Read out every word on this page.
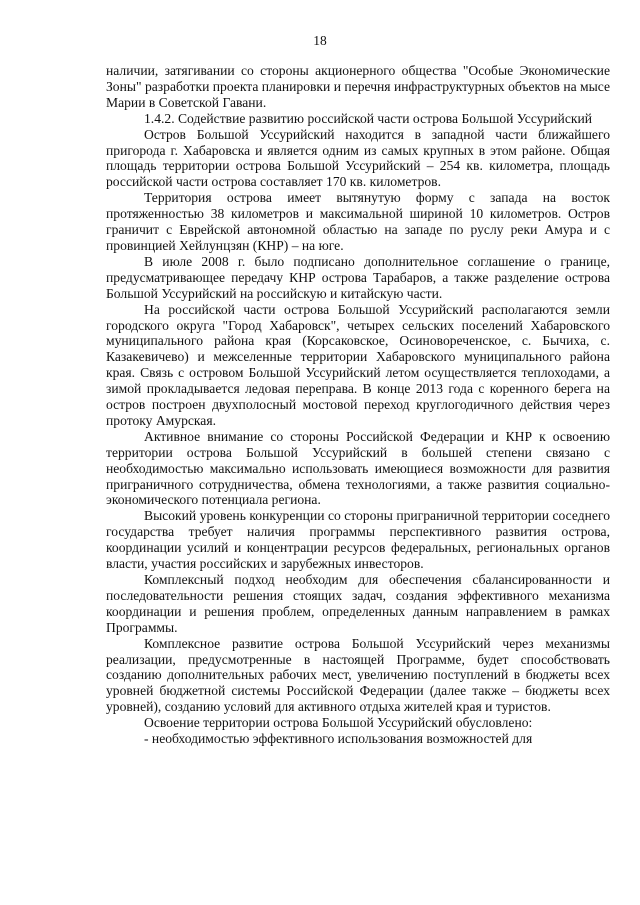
18

наличии, затягивании со стороны акционерного общества "Особые Экономические Зоны" разработки проекта планировки и перечня инфраструктурных объектов на мысе Марии в Советской Гавани.

1.4.2. Содействие развитию российской части острова Большой Уссурийский

Остров Большой Уссурийский находится в западной части ближайшего пригорода г. Хабаровска и является одним из самых крупных в этом районе. Общая площадь территории острова Большой Уссурийский – 254 кв. километра, площадь российской части острова составляет 170 кв. километров.

Территория острова имеет вытянутую форму с запада на восток протяженностью 38 километров и максимальной шириной 10 километров. Остров граничит с Еврейской автономной областью на западе по руслу реки Амура и с провинцией Хейлунцзян (КНР) – на юге.

В июле 2008 г. было подписано дополнительное соглашение о границе, предусматривающее передачу КНР острова Тарабаров, а также разделение острова Большой Уссурийский на российскую и китайскую части.

На российской части острова Большой Уссурийский располагаются земли городского округа "Город Хабаровск", четырех сельских поселений Хабаровского муниципального района края (Корсаковское, Осиновореченское, с. Бычиха, с. Казакевичево) и межселенные территории Хабаровского муниципального района края. Связь с островом Большой Уссурийский летом осуществляется теплоходами, а зимой прокладывается ледовая переправа. В конце 2013 года с коренного берега на остров построен двухполосный мостовой переход круглогодичного действия через протоку Амурская.

Активное внимание со стороны Российской Федерации и КНР к освоению территории острова Большой Уссурийский в большей степени связано с необходимостью максимально использовать имеющиеся возможности для развития приграничного сотрудничества, обмена технологиями, а также развития социально-экономического потенциала региона.

Высокий уровень конкуренции со стороны приграничной территории соседнего государства требует наличия программы перспективного развития острова, координации усилий и концентрации ресурсов федеральных, региональных органов власти, участия российских и зарубежных инвесторов.

Комплексный подход необходим для обеспечения сбалансированности и последовательности решения стоящих задач, создания эффективного механизма координации и решения проблем, определенных данным направлением в рамках Программы.

Комплексное развитие острова Большой Уссурийский через механизмы реализации, предусмотренные в настоящей Программе, будет способствовать созданию дополнительных рабочих мест, увеличению поступлений в бюджеты всех уровней бюджетной системы Российской Федерации (далее также – бюджеты всех уровней), созданию условий для активного отдыха жителей края и туристов.

Освоение территории острова Большой Уссурийский обусловлено:

- необходимостью эффективного использования возможностей для
